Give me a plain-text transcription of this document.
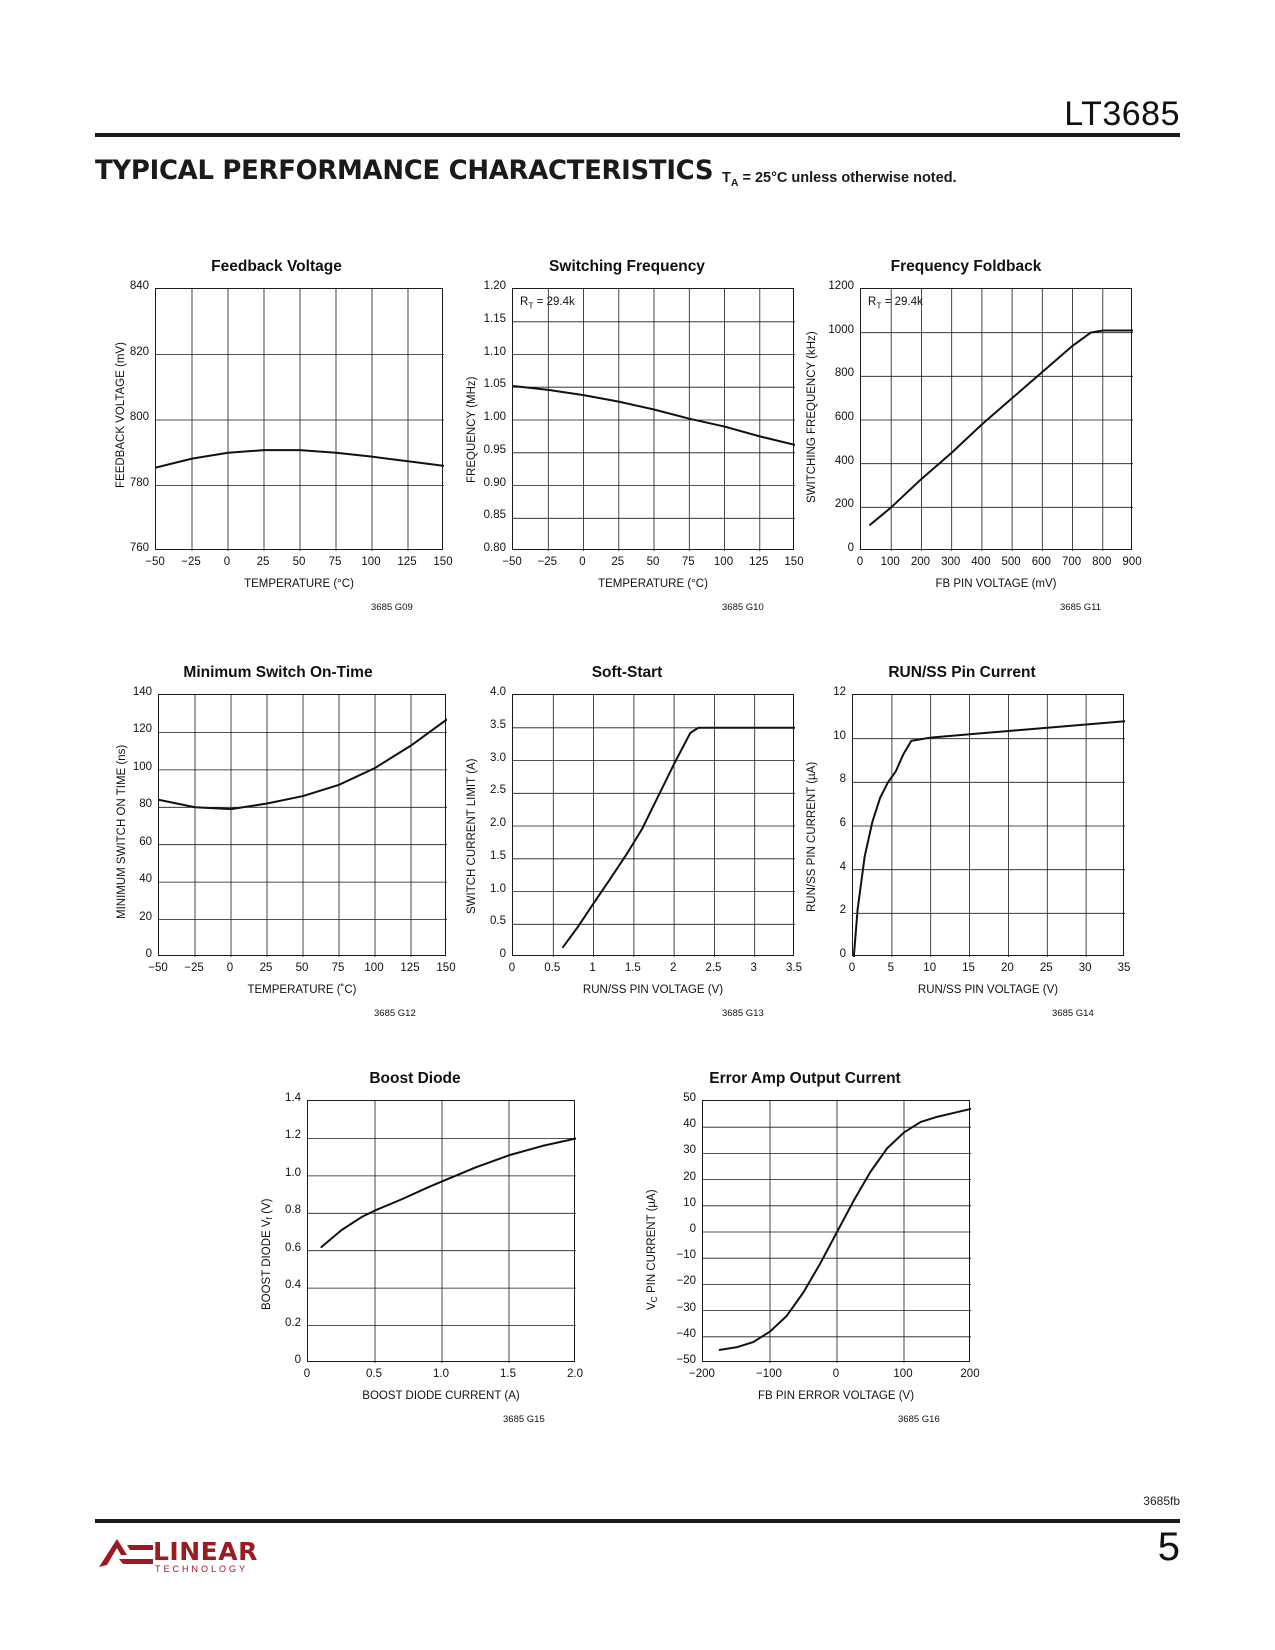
LT3685
TYPICAL PERFORMANCE CHARACTERISTICS $T_A = 25^\circ C$ unless otherwise noted.
Feedback Voltage
760
780
800
820
840
−50	−25	0	25	50	75	100	125	150
TEMPERATURE (°C)
FEEDBACK VOLTAGE (mV)
3685 G09
Switching Frequency
0.80
0.85
0.90
0.95
1.00
1.05
1.10
1.15
1.20
−50	−25	0	25	50	75	100	125	150
TEMPERATURE (°C)
FREQUENCY (MHz)
$R_T = 29.4k$
3685 G10
Frequency Foldback
0
200
400
600
800
1000
1200
0	100 200 300 400 500 600 700 800 900
FB PIN VOLTAGE (mV)
SWITCHING FREQUENCY (kHz)
$R_T = 29.4k$
3685 G11
Minimum Switch On-Time
0
20
40
60
80
100
120
140
−50	−25	0	25	50	75	100	125	150
TEMPERATURE (˚C)
MINIMUM SWITCH ON TIME (ns)
3685 G12
Soft-Start
0
0.5
1.0
1.5
2.0
2.5
3.0
3.5
4.0
0	0.5	1	1.5	2	2.5	3	3.5
RUN/SS PIN VOLTAGE (V)
SWITCH CURRENT LIMIT (A)
3685 G13
RUN/SS Pin Current
0
2
4
6
8
10
12
0	5	10	15	20	25	30	35
RUN/SS PIN VOLTAGE (V)
RUN/SS PIN CURRENT (µA)
3685 G14
Boost Diode
0
0.2
0.4
0.6
0.8
1.0
1.2
1.4
0	0.5	1.0	1.5	2.0
BOOST DIODE CURRENT (A)
BOOST DIODE Vf (V)
3685 G15
Error Amp Output Current
−50
−40
−30
−20
−10
0
10
20
30
40
50
−200	−100	0	100	200
FB PIN ERROR VOLTAGE (V)
VC PIN CURRENT (µA)
3685 G16
3685fb
5
LINEAR
TECHNOLOGY
